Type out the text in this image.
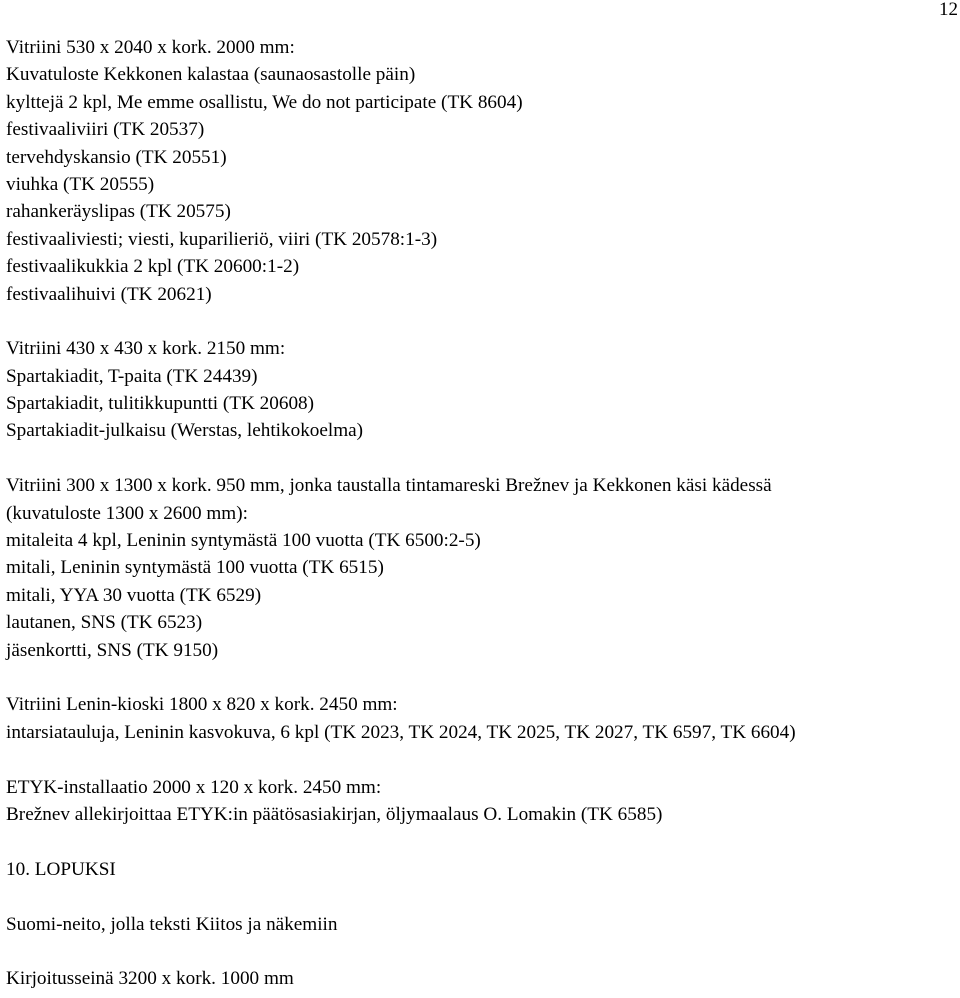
12
Vitriini 530 x 2040 x kork. 2000 mm:
Kuvatuloste Kekkonen kalastaa (saunaosastolle päin)
kylttejä 2 kpl, Me emme osallistu, We do not participate (TK 8604)
festivaaliviiri (TK 20537)
tervehdyskansio (TK 20551)
viuhka (TK 20555)
rahankeräyslipas (TK 20575)
festivaaliviesti; viesti, kuparilieriö, viiri (TK 20578:1-3)
festivaalikukkia 2 kpl (TK 20600:1-2)
festivaalihuivi (TK 20621)
Vitriini 430 x 430 x kork. 2150 mm:
Spartakiadit, T-paita (TK 24439)
Spartakiadit, tulitikkupuntti (TK 20608)
Spartakiadit-julkaisu (Werstas, lehtikokoelma)
Vitriini 300 x 1300 x kork. 950 mm, jonka taustalla tintamareski Brežnev ja Kekkonen käsi kädessä
(kuvatuloste 1300 x 2600 mm):
mitaleita 4 kpl, Leninin syntymästä 100 vuotta (TK 6500:2-5)
mitali, Leninin syntymästä 100 vuotta (TK 6515)
mitali, YYA 30 vuotta (TK 6529)
lautanen, SNS (TK 6523)
jäsenkortti, SNS (TK 9150)
Vitriini Lenin-kioski 1800 x 820 x kork. 2450 mm:
intarsiatauluja, Leninin kasvokuva, 6 kpl (TK 2023, TK 2024, TK 2025, TK 2027, TK 6597, TK 6604)
ETYK-installaatio 2000 x 120 x kork. 2450 mm:
Brežnev allekirjoittaa ETYK:in päätösasiakirjan, öljymaalaus O. Lomakin (TK 6585)
10. LOPUKSI
Suomi-neito, jolla teksti Kiitos ja näkemiin
Kirjoitusseinä 3200 x kork. 1000 mm
